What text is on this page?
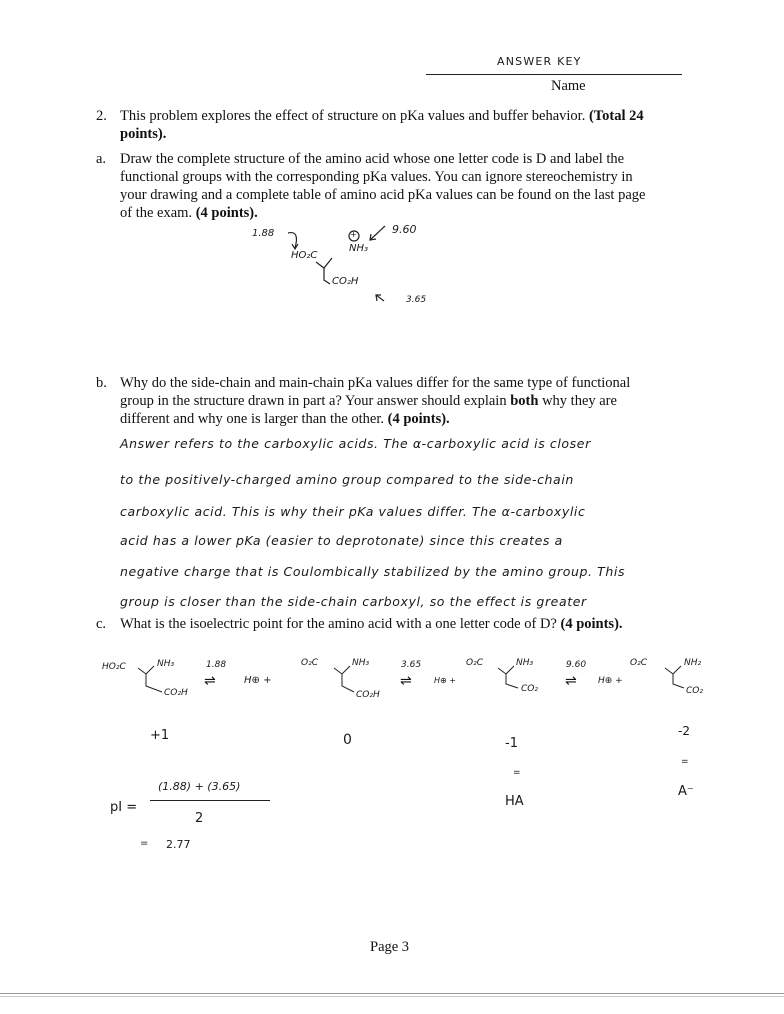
ANSWER KEY
Name
2. This problem explores the effect of structure on pKa values and buffer behavior. (Total 24 points).
a. Draw the complete structure of the amino acid whose one letter code is D and label the functional groups with the corresponding pKa values. You can ignore stereochemistry in your drawing and a complete table of amino acid pKa values can be found on the last page of the exam. (4 points).
1.88	9.60
+
HO₂C
NH₃
CO₂H
3.65
b. Why do the side-chain and main-chain pKa values differ for the same type of functional group in the structure drawn in part a? Your answer should explain both why they are different and why one is larger than the other. (4 points).
Answer refers to the carboxylic acids. The α-carboxylic acid is closer
to the positively-charged amino group compared to the side-chain
carboxylic acid. This is why their pKa values differ. The α-carboxylic
acid has a lower pKa (easier to deprotonate) since this creates a
negative charge that is Coulombically stabilized by the amino group. This
group is closer than the side-chain carboxyl, so the effect is greater
c. What is the isoelectric point for the amino acid with a one letter code of D? (4 points).
HO₂C	NH₃
CO₂H
+1
1.88
⇌	H⊕ +
O₂C	NH₃
CO₂H
0
3.65
⇌	H⊕ +
O₂C	NH₃
CO₂
-1
=
HA
9.60
⇌ H⊕ +
O₂C	NH₂
CO₂
-2
=
A⁻
pI =
(1.88) + (3.65)
2
= 2.77
Page 3
